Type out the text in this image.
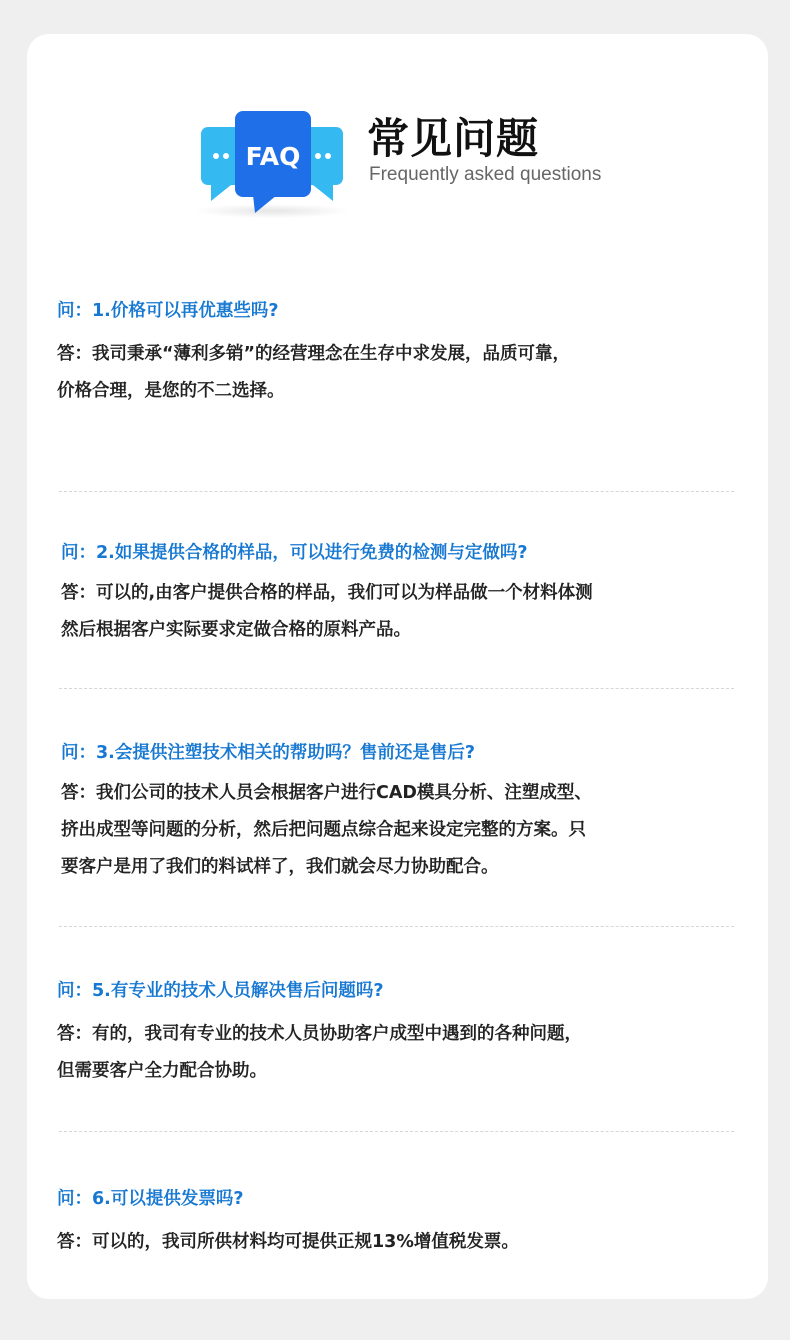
FAQ 常见问题
Frequently asked questions
问：1.价格可以再优惠些吗?
答：我司秉承“薄利多销”的经营理念在生存中求发展，品质可靠，
价格合理，是您的不二选择。
问：2.如果提供合格的样品，可以进行免费的检测与定做吗?
答：可以的,由客户提供合格的样品，我们可以为样品做一个材料体测
然后根据客户实际要求定做合格的原料产品。
问：3.会提供注塑技术相关的帮助吗？售前还是售后?
答：我们公司的技术人员会根据客户进行CAD模具分析、注塑成型、
挤出成型等问题的分析，然后把问题点综合起来设定完整的方案。只
要客户是用了我们的料试样了，我们就会尽力协助配合。
问：5.有专业的技术人员解决售后问题吗?
答：有的，我司有专业的技术人员协助客户成型中遇到的各种问题，
但需要客户全力配合协助。
问：6.可以提供发票吗?
答：可以的，我司所供材料均可提供正规13%增值税发票。
